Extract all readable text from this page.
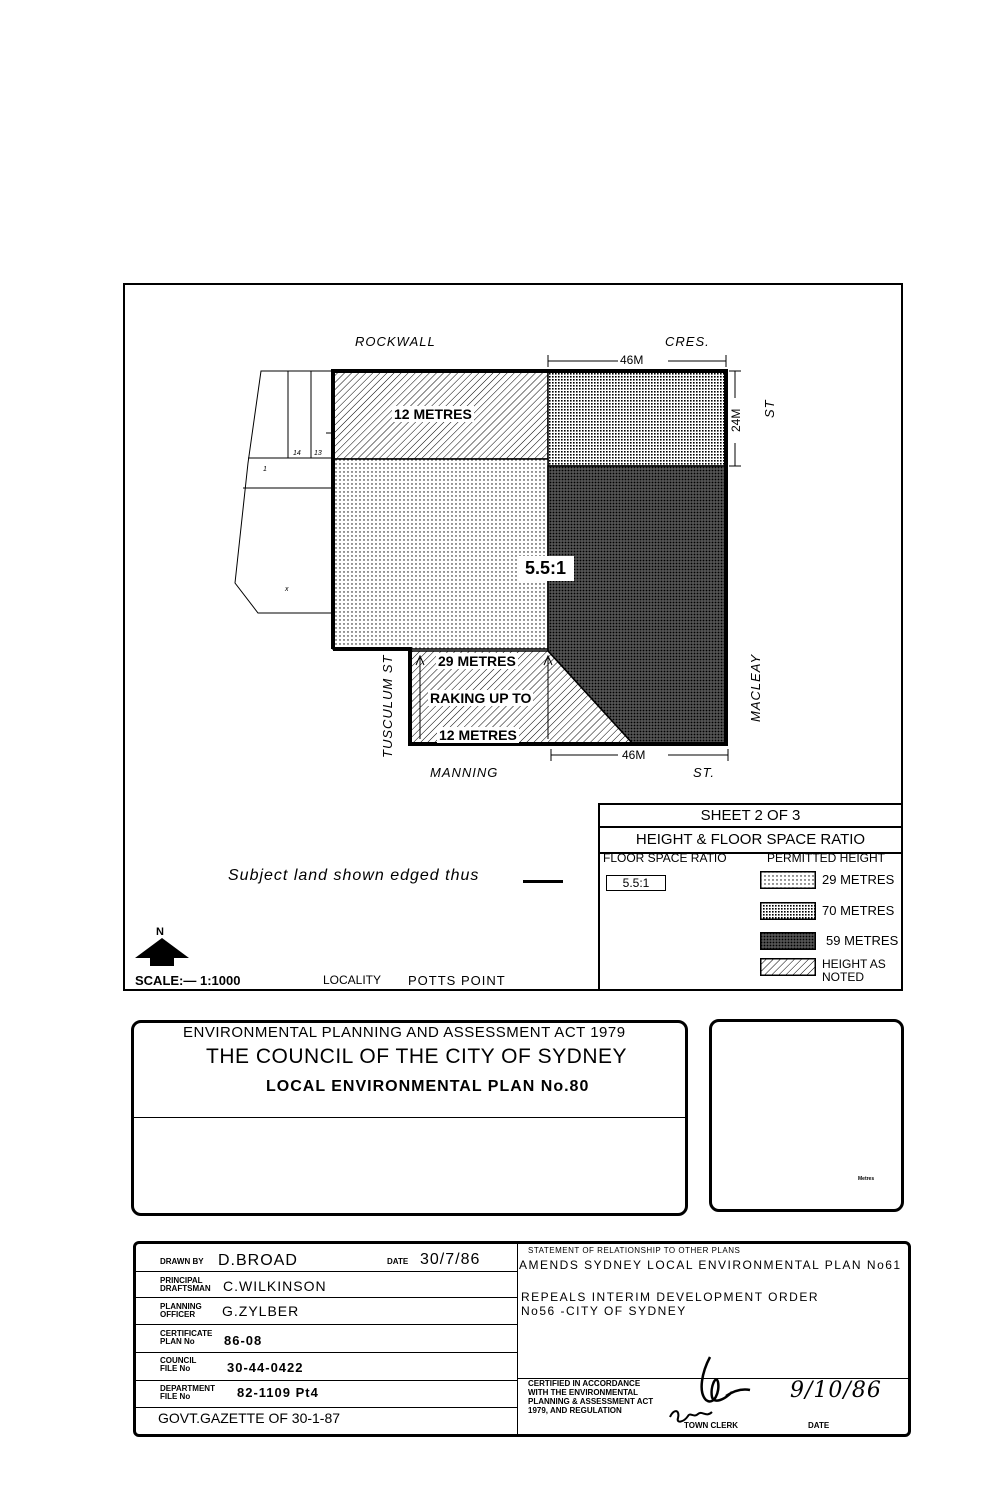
ROCKWALL	CRES.
ST
MANNING	ST.
TUSCULUM ST	MACLEAY
46M
24M
46M
12 METRES
5.5:1
29 METRES
RAKING UP TO
12 METRES
14 13
1
x
Subject land shown edged thus
N
SCALE:— 1:1000	LOCALITY POTTS POINT
SHEET 2 OF 3
HEIGHT & FLOOR SPACE RATIO
FLOOR SPACE RATIO	PERMITTED HEIGHT
5.5:1	29 METRES
70 METRES
59 METRES
HEIGHT AS NOTED
ENVIRONMENTAL PLANNING AND ASSESSMENT ACT 1979
THE COUNCIL OF THE CITY OF SYDNEY
LOCAL ENVIRONMENTAL PLAN No.80
Metres
DRAWN BY D.BROAD	DATE 30/7/86
PRINCIPAL DRAFTSMAN C.WILKINSON
PLANNING OFFICER	G.ZYLBER
CERTIFICATE PLAN No	86-08
COUNCIL FILE No	30-44-0422
DEPARTMENT FILE No	82-1109 Pt4
GOVT.GAZETTE OF 30-1-87
STATEMENT OF RELATIONSHIP TO OTHER PLANS
AMENDS SYDNEY LOCAL ENVIRONMENTAL PLAN No61
REPEALS INTERIM DEVELOPMENT ORDER
No56 -CITY OF SYDNEY
CERTIFIED IN ACCORDANCE
WITH THE ENVIRONMENTAL
PLANNING & ASSESSMENT ACT
1979, AND REGULATION
9/10/86
TOWN CLERK	DATE
